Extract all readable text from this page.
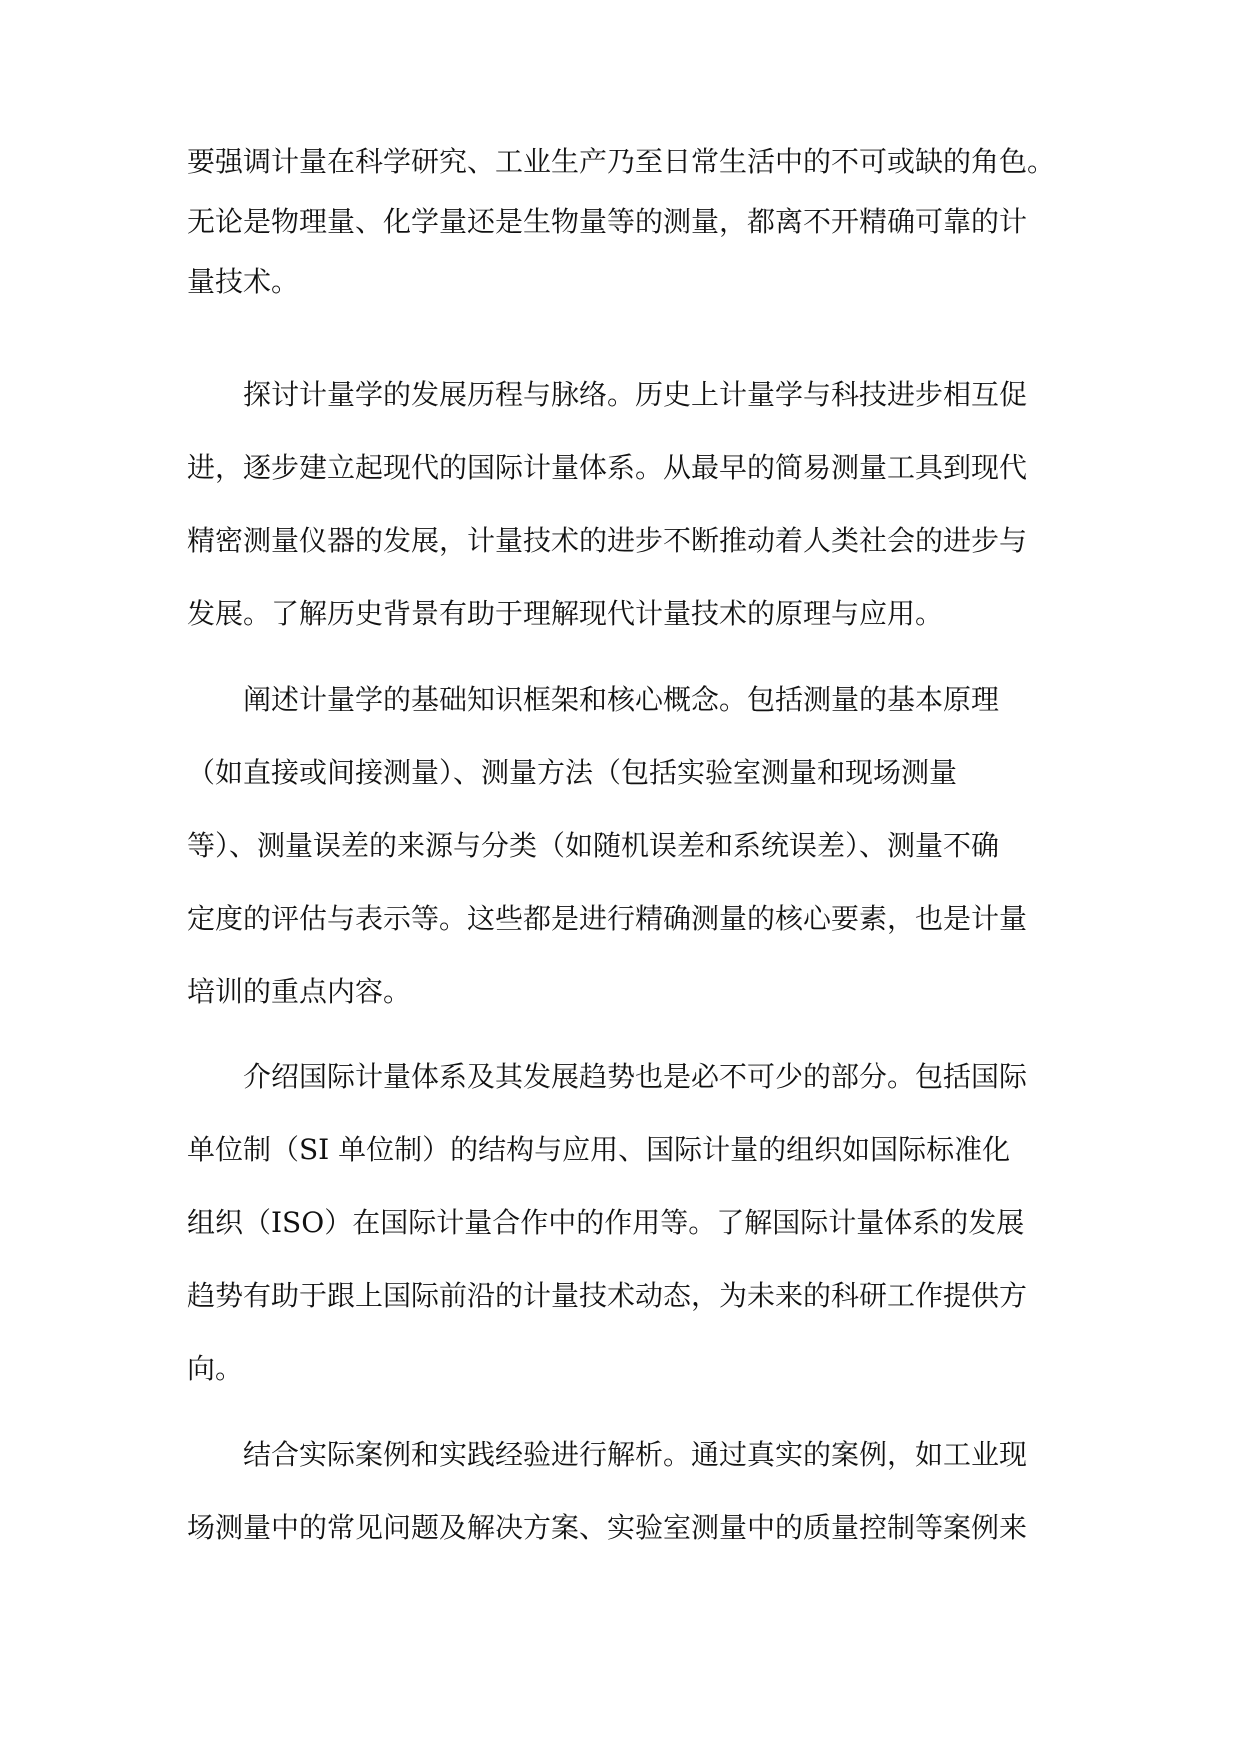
要强调计量在科学研究、工业生产乃至日常生活中的不可或缺的角色。
无论是物理量、化学量还是生物量等的测量，都离不开精确可靠的计
量技术。
探讨计量学的发展历程与脉络。历史上计量学与科技进步相互促
进，逐步建立起现代的国际计量体系。从最早的简易测量工具到现代
精密测量仪器的发展，计量技术的进步不断推动着人类社会的进步与
发展。了解历史背景有助于理解现代计量技术的原理与应用。
阐述计量学的基础知识框架和核心概念。包括测量的基本原理
（如直接或间接测量）、测量方法（包括实验室测量和现场测量
等）、测量误差的来源与分类（如随机误差和系统误差）、测量不确
定度的评估与表示等。这些都是进行精确测量的核心要素，也是计量
培训的重点内容。
介绍国际计量体系及其发展趋势也是必不可少的部分。包括国际
单位制（SI 单位制）的结构与应用、国际计量的组织如国际标准化
组织（ISO）在国际计量合作中的作用等。了解国际计量体系的发展
趋势有助于跟上国际前沿的计量技术动态，为未来的科研工作提供方
向。
结合实际案例和实践经验进行解析。通过真实的案例，如工业现
场测量中的常见问题及解决方案、实验室测量中的质量控制等案例来
